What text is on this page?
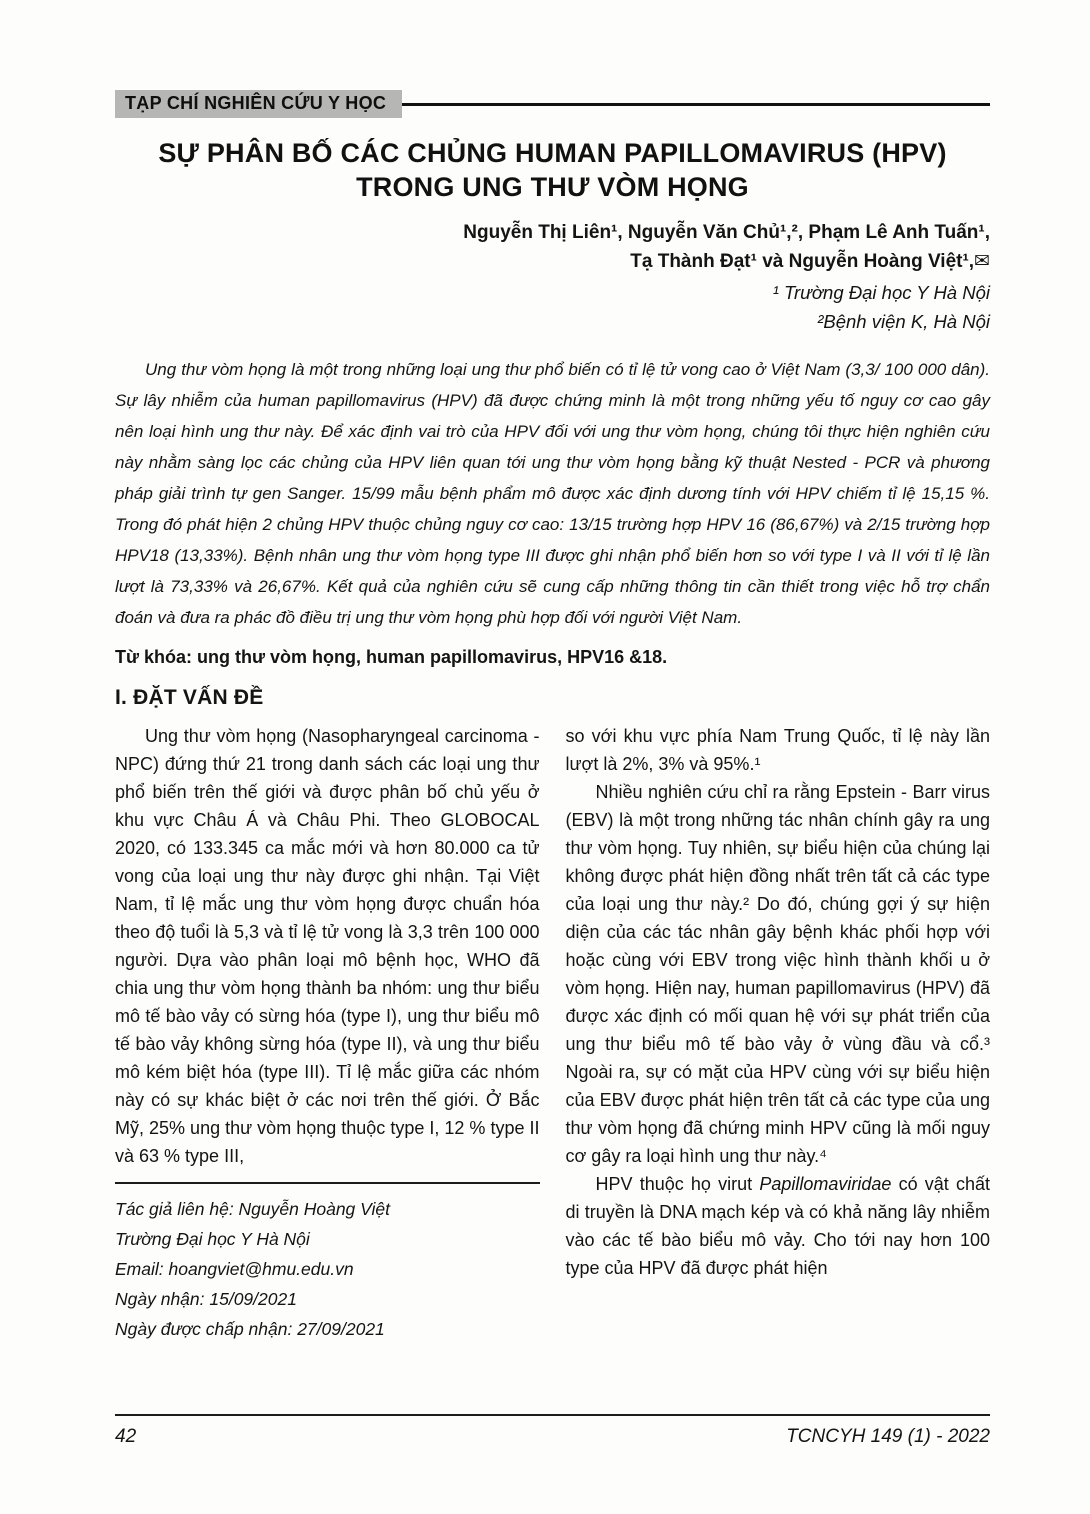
TẠP CHÍ NGHIÊN CỨU Y HỌC
SỰ PHÂN BỐ CÁC CHỦNG HUMAN PAPILLOMAVIRUS (HPV)
TRONG UNG THƯ VÒM HỌNG
Nguyễn Thị Liên¹, Nguyễn Văn Chủ¹,², Phạm Lê Anh Tuấn¹,
Tạ Thành Đạt¹ và Nguyễn Hoàng Việt¹,✉
¹ Trường Đại học Y Hà Nội
²Bệnh viện K, Hà Nội

Ung thư vòm họng là một trong những loại ung thư phổ biến có tỉ lệ tử vong cao ở Việt Nam (3,3/ 100 000 dân). Sự lây nhiễm của human papillomavirus (HPV) đã được chứng minh là một trong những yếu tố nguy cơ cao gây nên loại hình ung thư này. Để xác định vai trò của HPV đối với ung thư vòm họng, chúng tôi thực hiện nghiên cứu này nhằm sàng lọc các chủng của HPV liên quan tới ung thư vòm họng bằng kỹ thuật Nested - PCR và phương pháp giải trình tự gen Sanger. 15/99 mẫu bệnh phẩm mô được xác định dương tính với HPV chiếm tỉ lệ 15,15 %. Trong đó phát hiện 2 chủng HPV thuộc chủng nguy cơ cao: 13/15 trường hợp HPV 16 (86,67%) và 2/15 trường hợp HPV18 (13,33%). Bệnh nhân ung thư vòm họng type III được ghi nhận phổ biến hơn so với type I và II với tỉ lệ lần lượt là 73,33% và 26,67%. Kết quả của nghiên cứu sẽ cung cấp những thông tin cần thiết trong việc hỗ trợ chẩn đoán và đưa ra phác đồ điều trị ung thư vòm họng phù hợp đối với người Việt Nam.

Từ khóa: ung thư vòm họng, human papillomavirus, HPV16 &18.

I. ĐẶT VẤN ĐỀ

Ung thư vòm họng (Nasopharyngeal carcinoma - NPC) đứng thứ 21 trong danh sách các loại ung thư phổ biến trên thế giới và được phân bố chủ yếu ở khu vực Châu Á và Châu Phi. Theo GLOBOCAL 2020, có 133.345 ca mắc mới và hơn 80.000 ca tử vong của loại ung thư này được ghi nhận. Tại Việt Nam, tỉ lệ mắc ung thư vòm họng được chuẩn hóa theo độ tuổi là 5,3 và tỉ lệ tử vong là 3,3 trên 100 000 người. Dựa vào phân loại mô bệnh học, WHO đã chia ung thư vòm họng thành ba nhóm: ung thư biểu mô tế bào vảy có sừng hóa (type I), ung thư biểu mô tế bào vảy không sừng hóa (type II), và ung thư biểu mô kém biệt hóa (type III). Tỉ lệ mắc giữa các nhóm này có sự khác biệt ở các nơi trên thế giới. Ở Bắc Mỹ, 25% ung thư vòm họng thuộc type I, 12 % type II và 63 % type III,

Tác giả liên hệ: Nguyễn Hoàng Việt
Trường Đại học Y Hà Nội
Email: hoangviet@hmu.edu.vn
Ngày nhận: 15/09/2021
Ngày được chấp nhận: 27/09/2021

so với khu vực phía Nam Trung Quốc, tỉ lệ này lần lượt là 2%, 3% và 95%.¹

Nhiều nghiên cứu chỉ ra rằng Epstein - Barr virus (EBV) là một trong những tác nhân chính gây ra ung thư vòm họng. Tuy nhiên, sự biểu hiện của chúng lại không được phát hiện đồng nhất trên tất cả các type của loại ung thư này.² Do đó, chúng gợi ý sự hiện diện của các tác nhân gây bệnh khác phối hợp với hoặc cùng với EBV trong việc hình thành khối u ở vòm họng. Hiện nay, human papillomavirus (HPV) đã được xác định có mối quan hệ với sự phát triển của ung thư biểu mô tế bào vảy ở vùng đầu và cổ.³ Ngoài ra, sự có mặt của HPV cùng với sự biểu hiện của EBV được phát hiện trên tất cả các type của ung thư vòm họng đã chứng minh HPV cũng là mối nguy cơ gây ra loại hình ung thư này.⁴

HPV thuộc họ virut Papillomaviridae có vật chất di truyền là DNA mạch kép và có khả năng lây nhiễm vào các tế bào biểu mô vảy. Cho tới nay hơn 100 type của HPV đã được phát hiện

42	TCNCYH 149 (1) - 2022
